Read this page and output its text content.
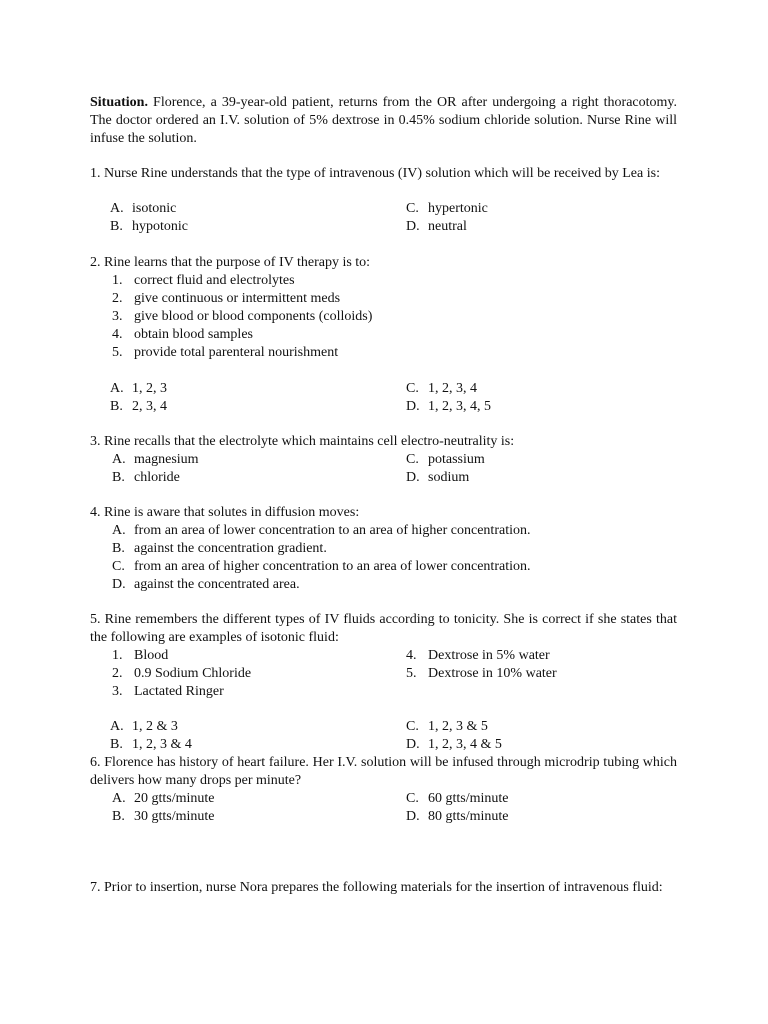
Situation. Florence, a 39-year-old patient, returns from the OR after undergoing a right thoracotomy. The doctor ordered an I.V. solution of 5% dextrose in 0.45% sodium chloride solution. Nurse Rine will infuse the solution.

1. Nurse Rine understands that the type of intravenous (IV) solution which will be received by Lea is:

A. isotonic
B. hypotonic
C. hypertonic
D. neutral
2. Rine learns that the purpose of IV therapy is to:
1. correct fluid and electrolytes
2. give continuous or intermittent meds
3. give blood or blood components (colloids)
4. obtain blood samples
5. provide total parenteral nourishment
A. 1, 2, 3
B. 2, 3, 4
C. 1, 2, 3, 4
D. 1, 2, 3, 4, 5
3. Rine recalls that the electrolyte which maintains cell electro-neutrality is:
A. magnesium
B. chloride
C. potassium
D. sodium
4. Rine is aware that solutes in diffusion moves:
A. from an area of lower concentration to an area of higher concentration.
B. against the concentration gradient.
C. from an area of higher concentration to an area of lower concentration.
D. against the concentrated area.

5. Rine remembers the different types of IV fluids according to tonicity. She is correct if she states that the following are examples of isotonic fluid:

1. Blood
2. 0.9 Sodium Chloride
3. Lactated Ringer
4. Dextrose in 5% water
5. Dextrose in 10% water
A. 1, 2 & 3
B. 1, 2, 3 & 4
C. 1, 2, 3 & 5
D. 1, 2, 3, 4 & 5

6. Florence has history of heart failure. Her I.V. solution will be infused through microdrip tubing which delivers how many drops per minute?

A. 20 gtts/minute
B. 30 gtts/minute
C. 60 gtts/minute
D. 80 gtts/minute

7. Prior to insertion, nurse Nora prepares the following materials for the insertion of intravenous fluid:
